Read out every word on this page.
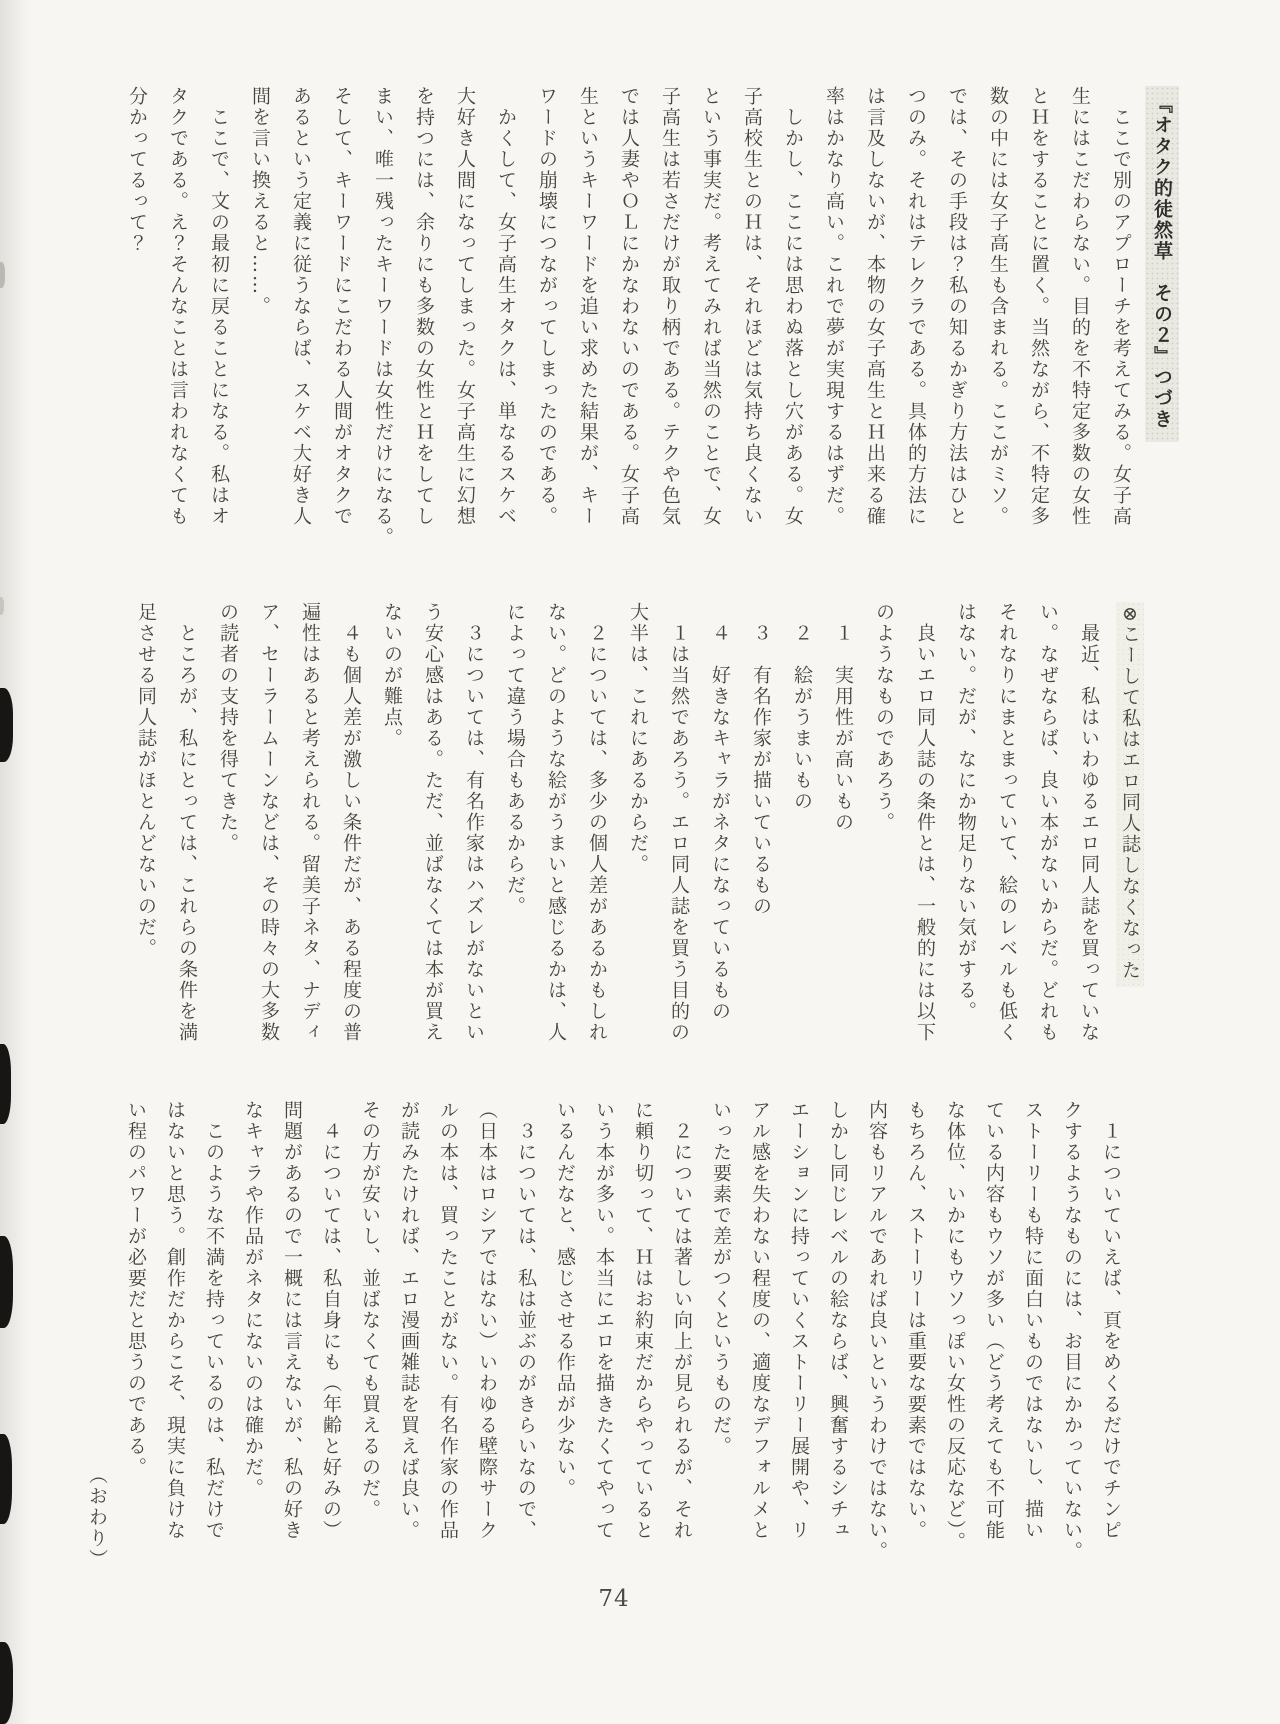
『オタク的徒然草　その２』つづき

　ここで別のアプローチを考えてみる。女子高

生にはこだわらない。目的を不特定多数の女性

とＨをすることに置く。当然ながら、不特定多

数の中には女子高生も含まれる。ここがミソ。

では、その手段は？私の知るかぎり方法はひと

つのみ。それはテレクラである。具体的方法に

は言及しないが、本物の女子高生とＨ出来る確

率はかなり高い。これで夢が実現するはずだ。

　しかし、ここには思わぬ落とし穴がある。女

子高校生とのＨは、それほどは気持ち良くない

という事実だ。考えてみれば当然のことで、女

子高生は若さだけが取り柄である。テクや色気

では人妻やＯＬにかなわないのである。女子高

生というキーワードを追い求めた結果が、キー

ワードの崩壊につながってしまったのである。

　かくして、女子高生オタクは、単なるスケベ

大好き人間になってしまった。女子高生に幻想

を持つには、余りにも多数の女性とＨをしてし

まい、唯一残ったキーワードは女性だけになる。

そして、キーワードにこだわる人間がオタクで

あるという定義に従うならば、スケベ大好き人

間を言い換えると……。

　ここで、文の最初に戻ることになる。私はオ

タクである。え？そんなことは言われなくても

分かってるって？

⊗こーして私はエロ同人誌しなくなった

　最近、私はいわゆるエロ同人誌を買っていな

い。なぜならば、良い本がないからだ。どれも

それなりにまとまっていて、絵のレベルも低く

はない。だが、なにか物足りない気がする。

　良いエロ同人誌の条件とは、一般的には以下

のようなものであろう。

　１　実用性が高いもの

　２　絵がうまいもの

　３　有名作家が描いているもの

　４　好きなキャラがネタになっているもの

　１は当然であろう。エロ同人誌を買う目的の

大半は、これにあるからだ。

　２については、多少の個人差があるかもしれ

ない。どのような絵がうまいと感じるかは、人

によって違う場合もあるからだ。

　３については、有名作家はハズレがないとい

う安心感はある。ただ、並ばなくては本が買え

ないのが難点。

　４も個人差が激しい条件だが、ある程度の普

遍性はあると考えられる。留美子ネタ、ナディ

ア、セーラームーンなどは、その時々の大多数

の読者の支持を得てきた。

　ところが、私にとっては、これらの条件を満

足させる同人誌がほとんどないのだ。

　１についていえば、頁をめくるだけでチンピ

クするようなものには、お目にかかっていない。

ストーリーも特に面白いものではないし、描い

ている内容もウソが多い（どう考えても不可能

な体位、いかにもウソっぽい女性の反応など）。

もちろん、ストーリーは重要な要素ではない。

内容もリアルであれば良いというわけではない。

しかし同じレベルの絵ならば、興奮するシチュ

エーションに持っていくストーリー展開や、リ

アル感を失わない程度の、適度なデフォルメと

いった要素で差がつくというものだ。

　２については著しい向上が見られるが、それ

に頼り切って、Ｈはお約束だからやっていると

いう本が多い。本当にエロを描きたくてやって

いるんだなと、感じさせる作品が少ない。

　３については、私は並ぶのがきらいなので、

（日本はロシアではない）いわゆる壁際サーク

ルの本は、買ったことがない。有名作家の作品

が読みたければ、エロ漫画雑誌を買えば良い。

その方が安いし、並ばなくても買えるのだ。

　４については、私自身にも（年齢と好みの）

問題があるので一概には言えないが、私の好き

なキャラや作品がネタにないのは確かだ。

　このような不満を持っているのは、私だけで

はないと思う。創作だからこそ、現実に負けな

い程のパワーが必要だと思うのである。

（おわり）

74
